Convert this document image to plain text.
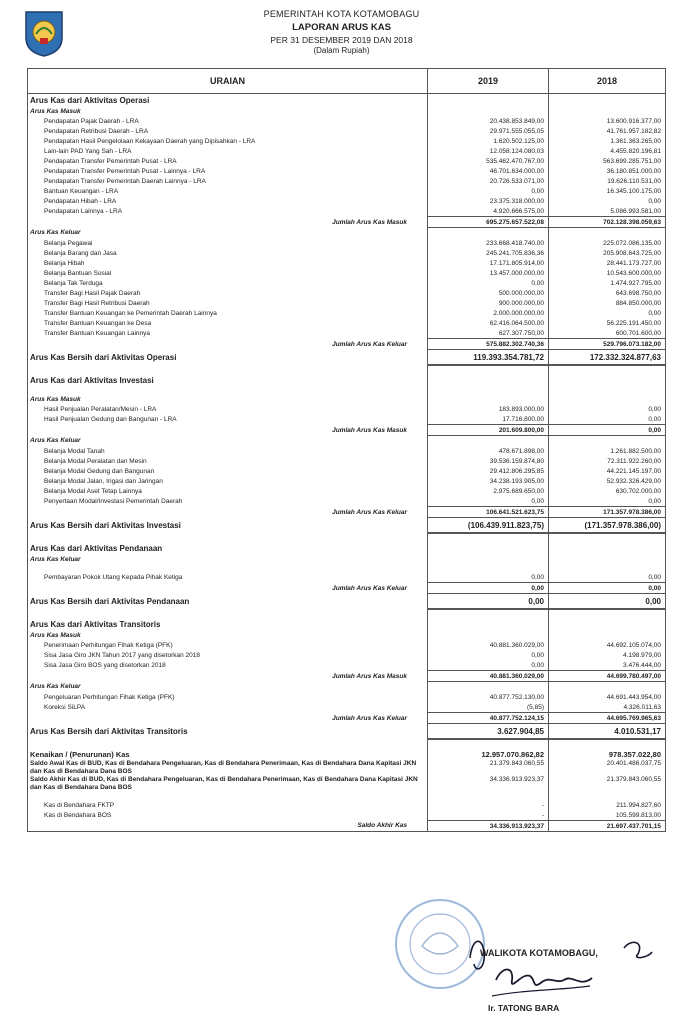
PEMERINTAH KOTA KOTAMOBAGU
LAPORAN ARUS KAS
PER 31 DESEMBER 2019 DAN 2018
(Dalam Rupiah)
URAIAN	2019	2018
Arus Kas dari Aktivitas Operasi		
Arus Kas Masuk		
Pendapatan Pajak Daerah - LRA	20.438.853.849,00	13.600.916.377,00
Pendapatan Retribusi Daerah - LRA	29.971.555.055,05	41.761.957.182,82
Pendapatan Hasil Pengelolaan Kekayaan Daerah yang Dipisahkan - LRA	1.620.502.125,00	1.361.363.265,00
Lain-lain PAD Yang Sah - LRA	12.058.124.080,03	4.455.820.196,81
Pendapatan Transfer Pemerintah Pusat - LRA	535.462.470.767,00	563.699.285.751,00
Pendapatan Transfer Pemerintah Pusat - Lainnya - LRA	46.701.634.000,00	36.180.851.000,00
Pendapatan Transfer Pemerintah Daerah Lainnya - LRA	20.726.533.071,00	19.626.110.531,00
Bantuan Keuangan - LRA	0,00	16.345.100.175,00
Pendapatan Hibah - LRA	23.375.318.000,00	0,00
Pendapatan Lainnya - LRA	4.920.666.575,00	5.086.993.581,00
Jumlah Arus Kas Masuk	695.275.657.522,08	702.128.398.059,63
Arus Kas Keluar		
Belanja Pegawai	233.668.418.740,00	225.072.086.135,00
Belanja Barang dan Jasa	245.241.705.836,36	205.908.643.725,00
Belanja Hibah	17.171.805.914,00	28.441.173.727,00
Belanja Bantuan Sosial	13.457.000.000,00	10.543.600.000,00
Belanja Tak Terduga	0,00	1.474.927.795,00
Transfer Bagi Hasil Pajak Daerah	500.000.000,00	643.698.750,00
Transfer Bagi Hasil Retribusi Daerah	900.000.000,00	884.850.000,00
Transfer Bantuan Keuangan ke Pemerintah Daerah Lainnya	2.000.000.000,00	0,00
Transfer Bantuan Keuangan ke Desa	62.416.064.500,00	56.225.191.450,00
Transfer Bantuan Keuangan Lainnya	627.307.750,00	600.701.600,00
Jumlah Arus Kas Keluar	575.882.302.740,36	529.796.073.182,00
Arus Kas Bersih dari Aktivitas Operasi	119.393.354.781,72	172.332.324.877,63

Arus Kas dari Aktivitas Investasi		

Arus Kas Masuk		
Hasil Penjualan Peralatan/Mesin - LRA	183.893.000,00	0,00
Hasil Penjualan Gedung dan Bangunan - LRA	17.716.800,00	0,00
Jumlah Arus Kas Masuk	201.609.800,00	0,00
Arus Kas Keluar		
Belanja Modal Tanah	478.671.898,00	1.261.882.500,00
Belanja Modal Peralatan dan Mesin	39.536.159.874,80	72.311.922.260,00
Belanja Modal Gedung dan Bangunan	29.412.806.295,85	44.221.145.197,00
Belanja Modal Jalan, Irigasi dan Jaringan	34.238.193.905,00	52.932.326.429,00
Belanja Modal Aset Tetap Lainnya	2.975.689.650,00	630.702.000,00
Penyertaan Modal/Investasi Pemerintah Daerah	0,00	0,00
Jumlah Arus Kas Keluar	106.641.521.623,75	171.357.978.386,00
Arus Kas Bersih dari Aktivitas Investasi	(106.439.911.823,75)	(171.357.978.386,00)

Arus Kas dari Aktivitas Pendanaan		
Arus Kas Keluar		

Pembayaran Pokok Utang Kepada Pihak Ketiga	0,00	0,00
Jumlah Arus Kas Keluar	0,00	0,00
Arus Kas Bersih dari Aktivitas Pendanaan	0,00	0,00

Arus Kas dari Aktivitas Transitoris		
Arus Kas Masuk		
Penerimaan Perhitungan Fihak Ketiga (PFK)	40.881.360.029,00	44.692.105.074,00
Sisa Jasa Giro JKN Tahun 2017 yang disetorkan 2018	0,00	4.198.979,00
Sisa Jasa Giro BOS yang disetorkan 2018	0,00	3.476.444,00
Jumlah Arus Kas Masuk	40.881.360.029,00	44.699.780.497,00
Arus Kas Keluar		
Pengeluaran Perhitungan Fihak Ketiga (PFK)	40.877.752.130,00	44.691.443.954,00
Koreksi SiLPA	(5,85)	4.326.011,63
Jumlah Arus Kas Keluar	40.877.752.124,15	44.695.769.965,63
Arus Kas Bersih dari Aktivitas Transitoris	3.627.904,85	4.010.531,17

Kenaikan / (Penurunan) Kas	12.957.070.862,82	978.357.022,80
Saldo Awal Kas di BUD, Kas di Bendahara Pengeluaran, Kas di Bendahara Penerimaan, Kas di Bendahara Dana Kapitasi JKN dan Kas di Bendahara Dana BOS	21.379.843.060,55	20.401.486.037,75
Saldo Akhir Kas di BUD, Kas di Bendahara Pengeluaran, Kas di Bendahara Penerimaan, Kas di Bendahara Dana Kapitasi JKN dan Kas di Bendahara Dana BOS	34.336.913.923,37	21.379.843.060,55

Kas di Bendahara FKTP	-	211.994.827,60
Kas di Bendahara BOS	-	105.599.813,00
Saldo Akhir Kas	34.336.913.923,37	21.697.437.701,15
WALIKOTA KOTAMOBAGU,
Ir. TATONG BARA
